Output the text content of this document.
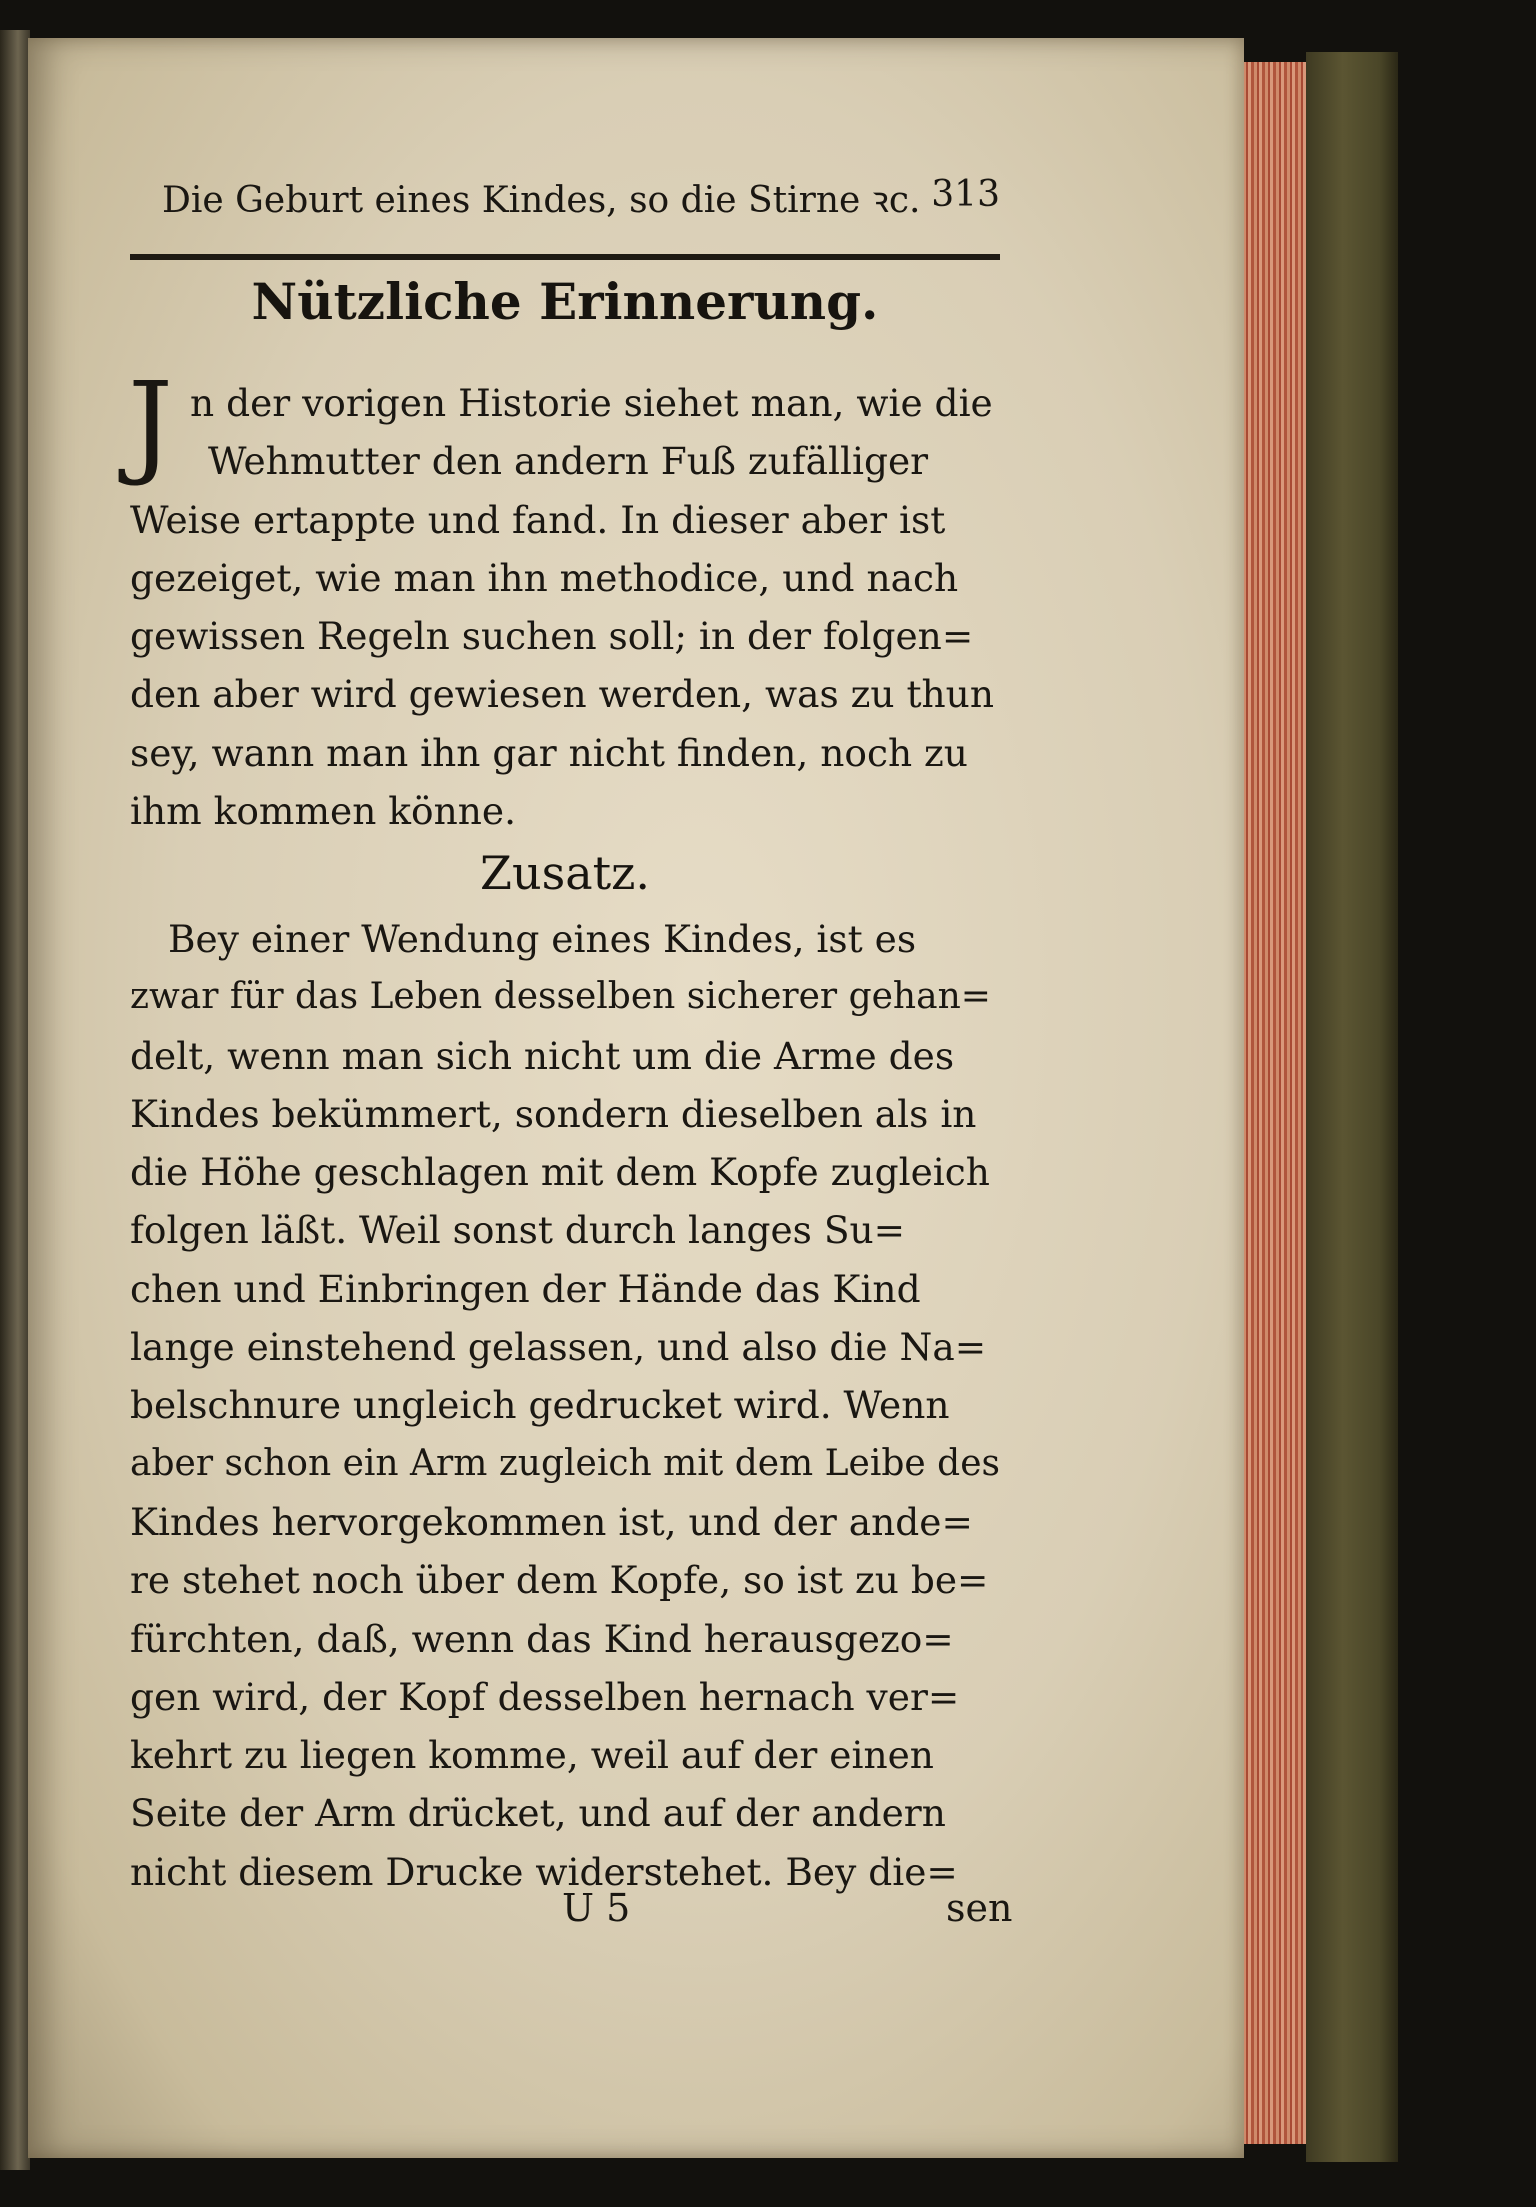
Die Geburt eines Kindes, so die Stirne ꝛc. 313
Nützliche Erinnerung.
J n der vorigen Historie siehet man, wie die
Wehmutter den andern Fuß zufälliger
Weise ertappte und fand. In dieser aber ist
gezeiget, wie man ihn methodice, und nach
gewissen Regeln suchen soll; in der folgen=
den aber wird gewiesen werden, was zu thun
sey, wann man ihn gar nicht finden, noch zu
ihm kommen könne.
Zusatz.
Bey einer Wendung eines Kindes, ist es
zwar für das Leben desselben sicherer gehan=
delt, wenn man sich nicht um die Arme des
Kindes bekümmert, sondern dieselben als in
die Höhe geschlagen mit dem Kopfe zugleich
folgen läßt. Weil sonst durch langes Su=
chen und Einbringen der Hände das Kind
lange einstehend gelassen, und also die Na=
belschnure ungleich gedrucket wird. Wenn
aber schon ein Arm zugleich mit dem Leibe des
Kindes hervorgekommen ist, und der ande=
re stehet noch über dem Kopfe, so ist zu be=
fürchten, daß, wenn das Kind herausgezo=
gen wird, der Kopf desselben hernach ver=
kehrt zu liegen komme, weil auf der einen
Seite der Arm drücket, und auf der andern
nicht diesem Drucke widerstehet. Bey die=
U 5	sen
